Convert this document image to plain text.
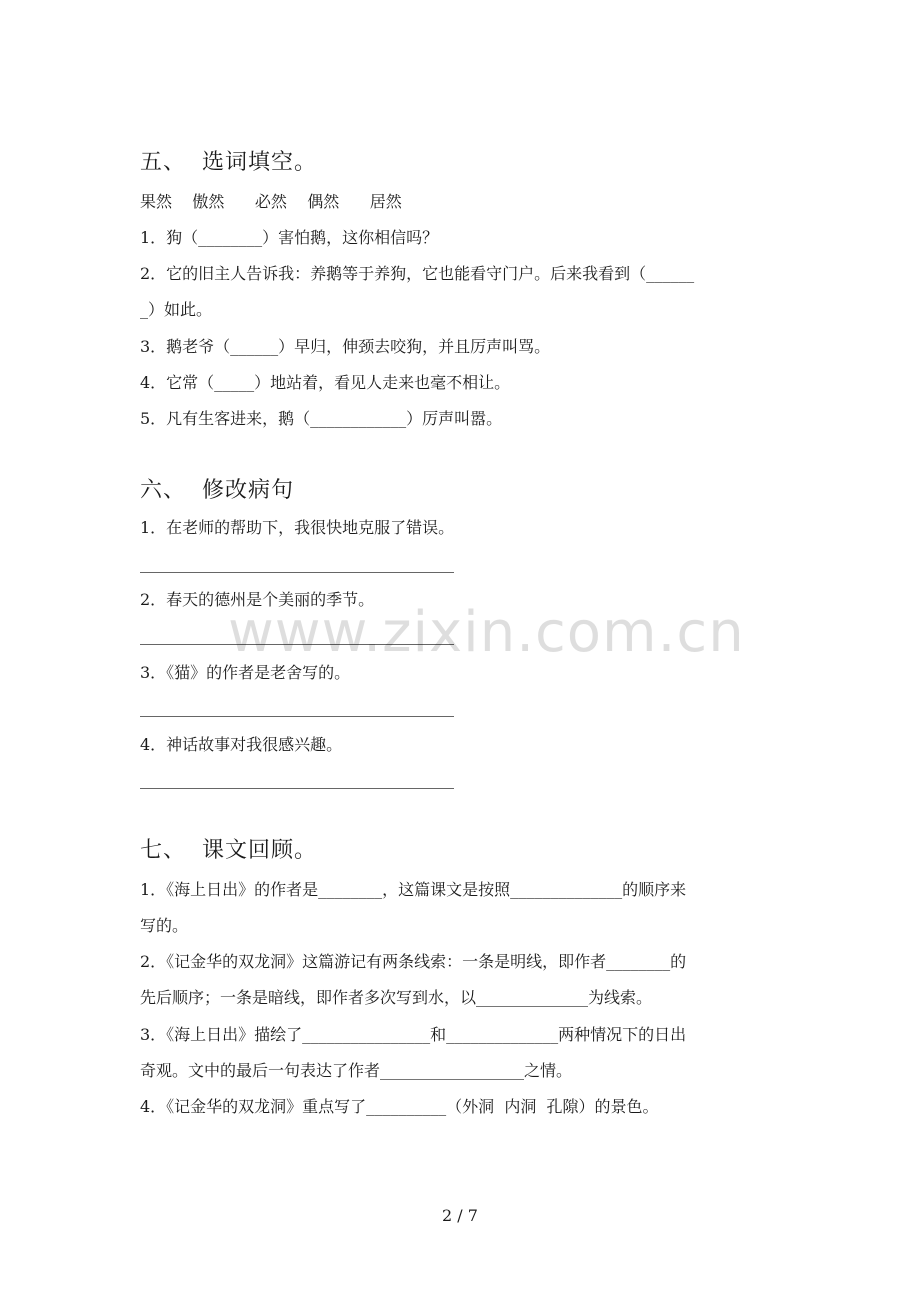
五、  选词填空。
果然    傲然      必然    偶然      居然
1．狗（________）害怕鹅，这你相信吗？
2．它的旧主人告诉我：养鹅等于养狗，它也能看守门户。后来我看到（______
_）如此。
3．鹅老爷（______）早归，伸颈去咬狗，并且厉声叫骂。
4．它常（_____）地站着，看见人走来也毫不相让。
5．凡有生客进来，鹅（____________）厉声叫嚣。
六、  修改病句
1．在老师的帮助下，我很快地克服了错误。
2．春天的德州是个美丽的季节。
3．《猫》的作者是老舍写的。
4．神话故事对我很感兴趣。
七、  课文回顾。
1．《海上日出》的作者是________，这篇课文是按照______________的顺序来
写的。
2．《记金华的双龙洞》这篇游记有两条线索：一条是明线，即作者________的
先后顺序；一条是暗线，即作者多次写到水，以______________为线索。
3．《海上日出》描绘了________________和______________两种情况下的日出
奇观。文中的最后一句表达了作者__________________之情。
4．《记金华的双龙洞》重点写了__________（外洞  内洞  孔隙）的景色。
www.zixin.com.cn
2 / 7
